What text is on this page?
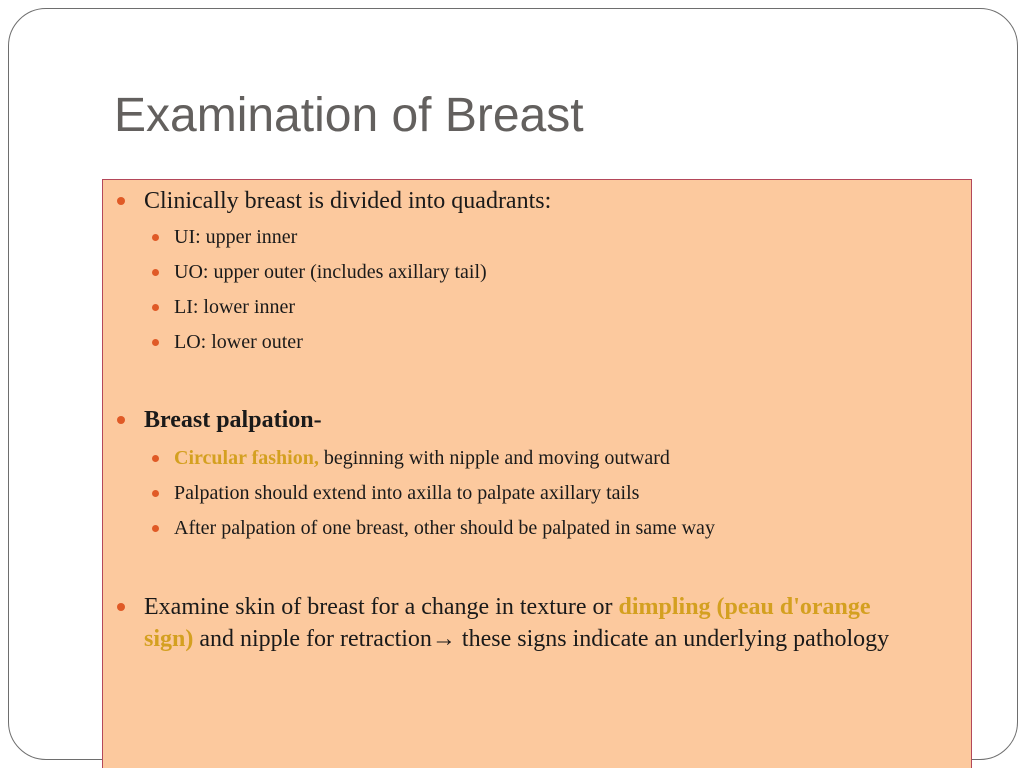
Examination of Breast
Clinically breast is divided into quadrants:
UI: upper inner
UO: upper outer (includes axillary tail)
LI: lower inner
LO: lower outer
Breast palpation-
Circular fashion, beginning with nipple and moving outward
Palpation should extend into axilla to palpate axillary tails
After palpation of one breast, other should be palpated in same way
Examine skin of breast for a change in texture or dimpling (peau d'orange sign) and nipple for retraction→ these signs indicate an underlying pathology
